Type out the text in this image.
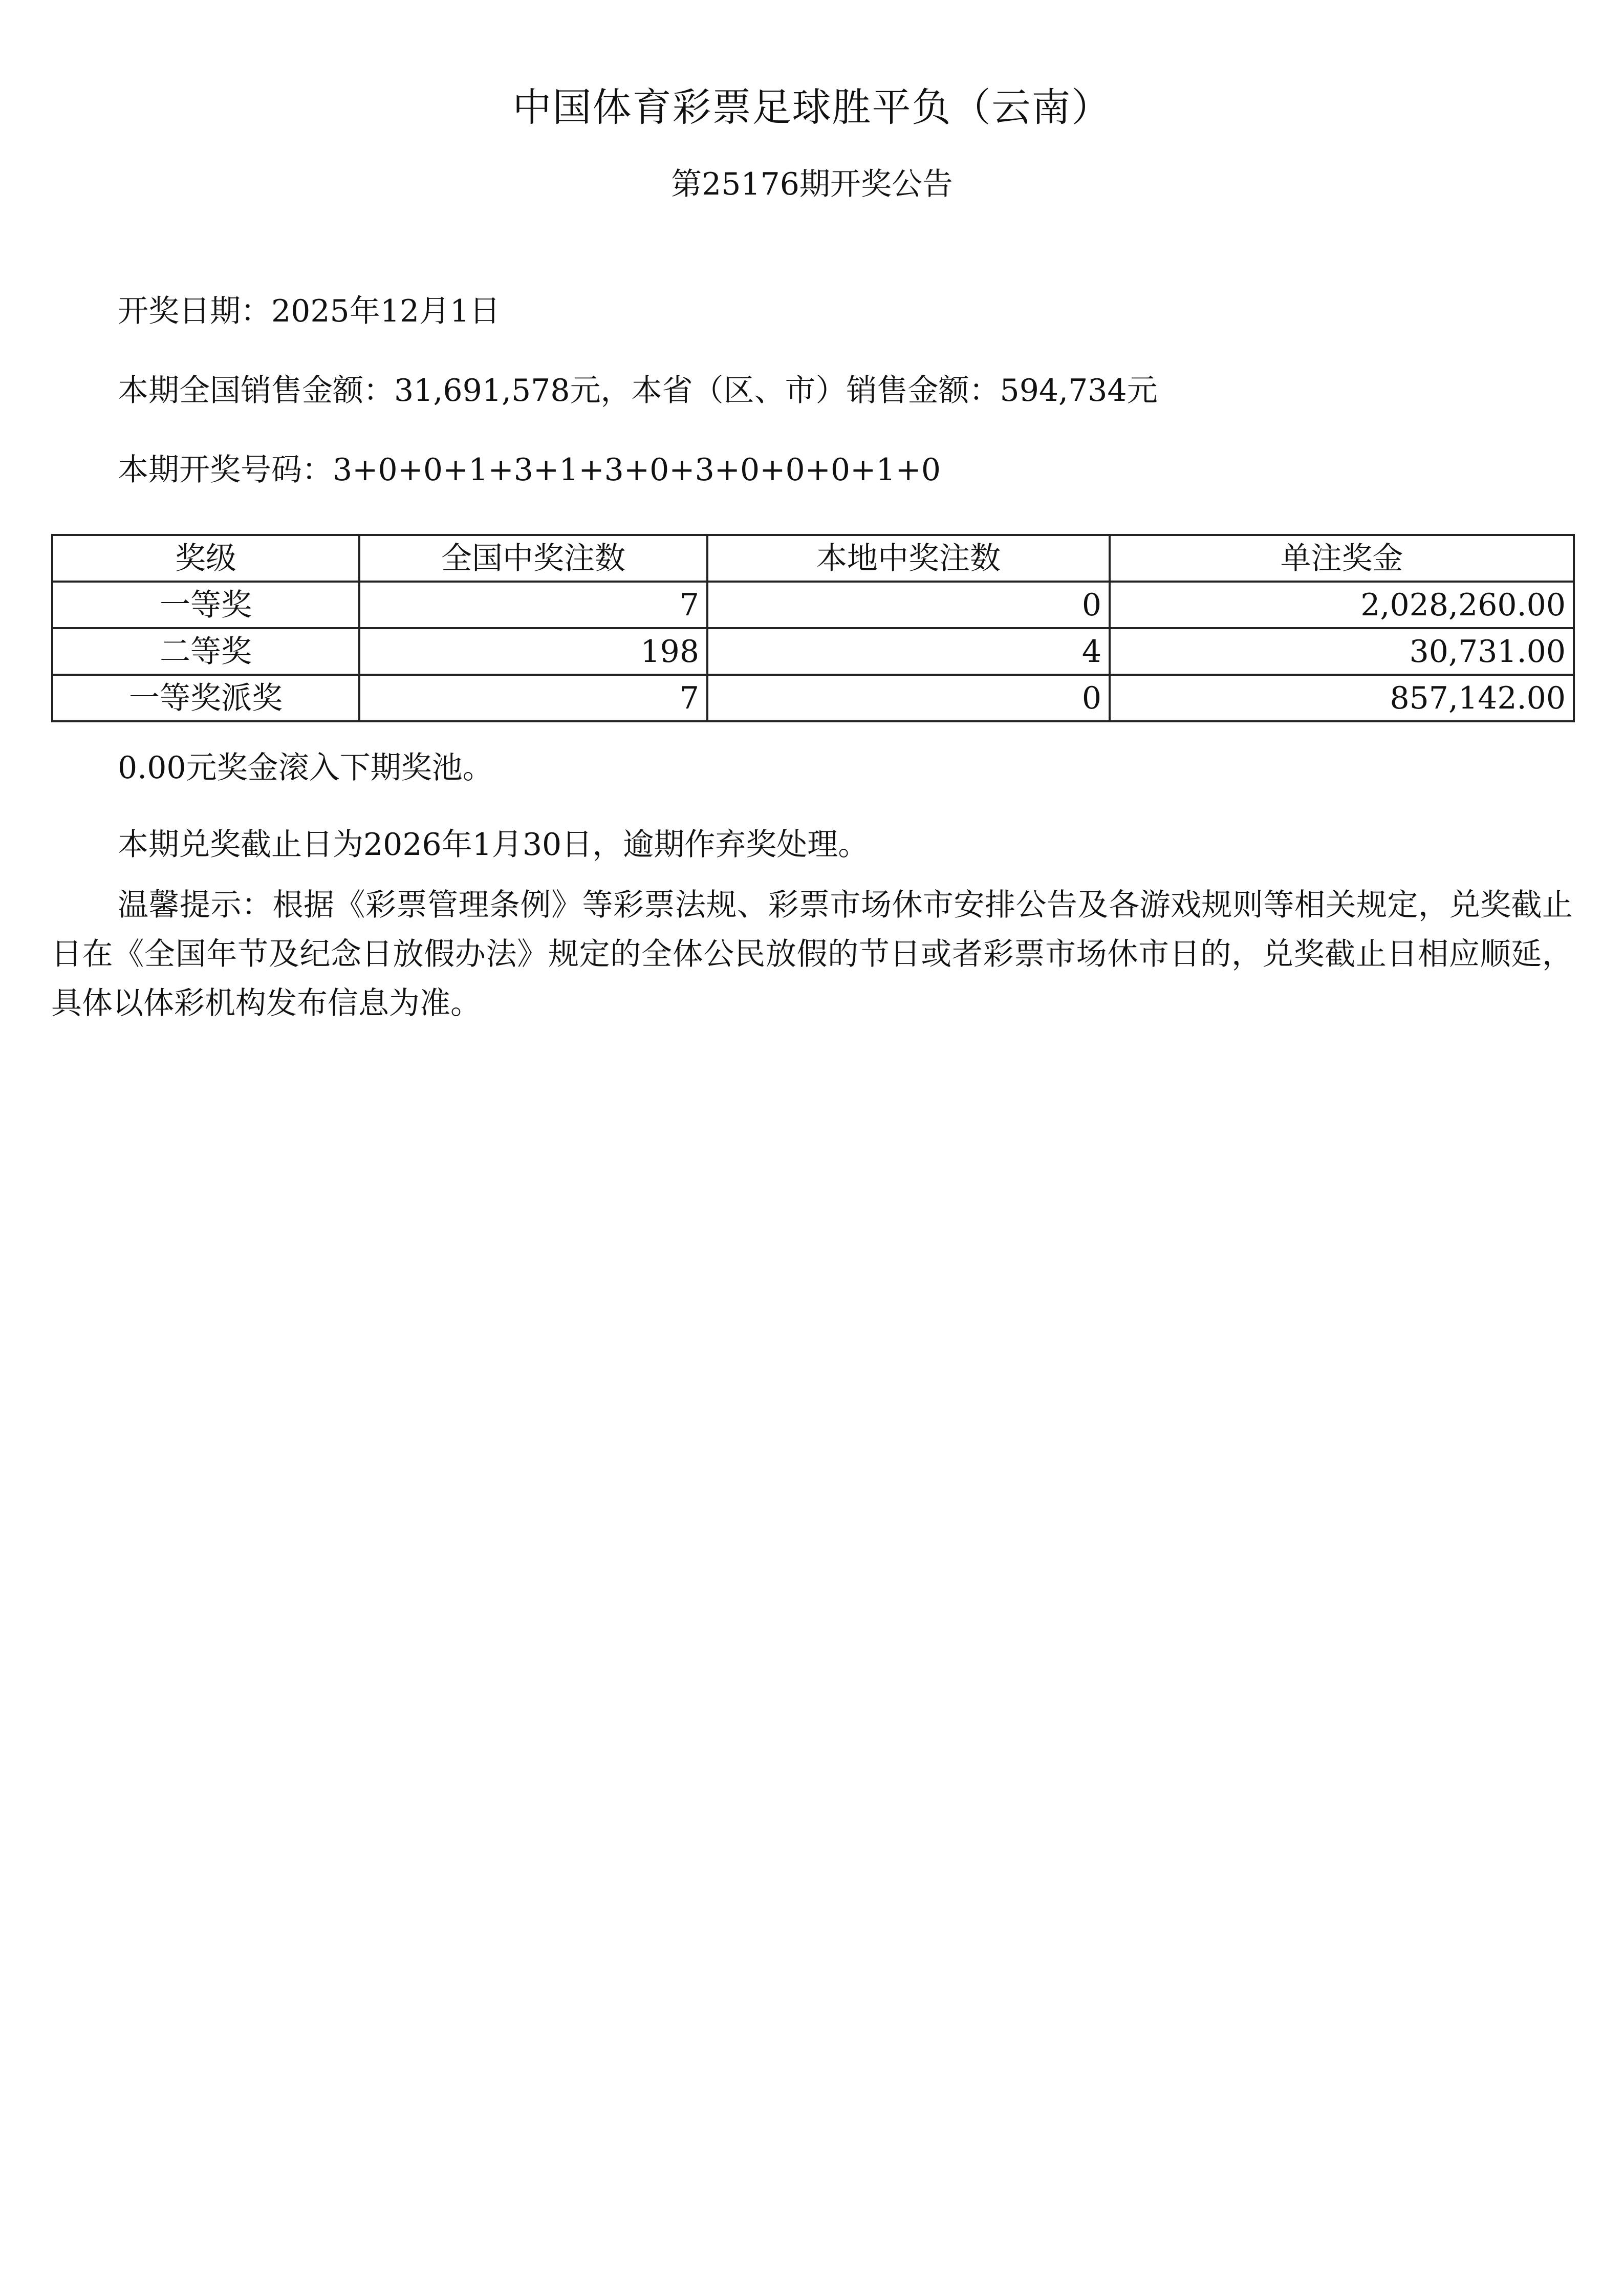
中国体育彩票足球胜平负（云南）
第25176期开奖公告
开奖日期：2025年12月1日
本期全国销售金额：31,691,578元，本省（区、市）销售金额：594,734元
本期开奖号码：3+0+0+1+3+1+3+0+3+0+0+0+1+0
奖级	全国中奖注数	本地中奖注数	单注奖金
一等奖	7	0	2,028,260.00
二等奖	198	4	30,731.00
一等奖派奖	7	0	857,142.00
0.00元奖金滚入下期奖池。
本期兑奖截止日为2026年1月30日，逾期作弃奖处理。
温馨提示：根据《彩票管理条例》等彩票法规、彩票市场休市安排公告及各游戏规则等相关规定，兑奖截止日在《全国年节及纪念日放假办法》规定的全体公民放假的节日或者彩票市场休市日的，兑奖截止日相应顺延，具体以体彩机构发布信息为准。
